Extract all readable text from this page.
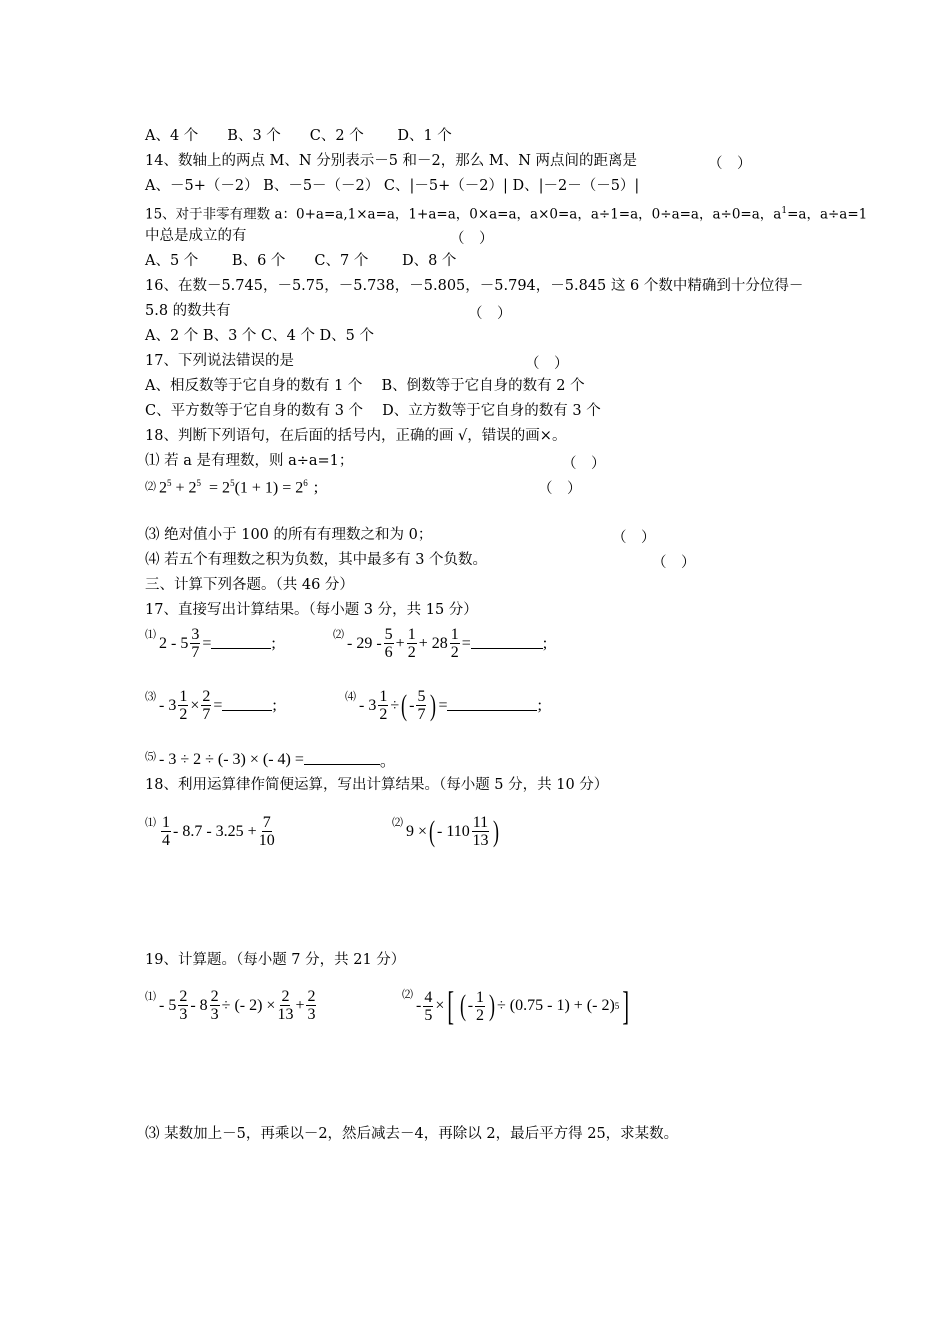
A、4 个　　B、3 个　　C、2 个　　 D、1 个
14、数轴上的两点 M、N 分别表示－5 和－2，那么 M、N 两点间的距离是	（　）
A、－5+（－2） B、－5－（－2） C、|－5+（－2）| D、|－2－（－5）|
15、对于非零有理数 a：0+a=a,1×a=a，1+a=a，0×a=a，a×0=a，a÷1=a，0÷a=a，a÷0=a，$a^1=a$，a÷a=1
中总是成立的有	（　）
A、5 个　　 B、6 个　　C、7 个　　 D、8 个
16、在数－5.745，－5.75，－5.738，－5.805，－5.794，－5.845 这 6 个数中精确到十分位得－
5.8 的数共有	（　）
A、2 个 B、3 个 C、4 个 D、5 个
17、下列说法错误的是	（　）
A、相反数等于它自身的数有 1 个　 B、倒数等于它自身的数有 2 个
C、平方数等于它自身的数有 3 个　 D、立方数等于它自身的数有 3 个
18、判断下列语句，在后面的括号内，正确的画 √，错误的画×。
⑴ 若 a 是有理数，则 a÷a=1；	（　）
⑵ $2^5 + 2^5 = 2^5(1 + 1) = 2^6$ ;	（　）
⑶ 绝对值小于 100 的所有有理数之和为 0；	（　）
⑷ 若五个有理数之积为负数，其中最多有 3 个负数。	（　）
三、计算下列各题。（共 46 分）
17、直接写出计算结果。（每小题 3 分，共 15 分）
⑴ $2 - 5 \frac{3}{7}$ =	;	⑵ - $29 - \frac{5}{6} + \frac{1}{2} + 28 \frac{1}{2}$ =	;
⑶ - $3 \frac{1}{2} \times \frac{2}{7}$ =	;	⑷ - $3 \frac{1}{2}$ ÷ ( - $\frac{5}{7}$ ) =	;
⑸ - 3 ÷ 2 ÷ (- 3) × (- 4) =	。
18、利用运算律作简便运算，写出计算结果。（每小题 5 分，共 10 分）
⑴ $\frac{1}{4} - 8.7 - 3.25 + \frac{7}{10}$	⑵ 9 × ( - $110 \frac{11}{13}$ )
19、计算题。（每小题 7 分，共 21 分）
⑴ - $5 \frac{2}{3} - 8 \frac{2}{3}$ ÷ (- $2) \times \frac{2}{13} + \frac{2}{3}$	⑵
- $\frac{4}{5}$ × [ ( - $\frac{1}{2}$ ) ÷ (0.75 - 1) + (- 2) 5 ]
⑶ 某数加上－5，再乘以－2，然后减去－4，再除以 2，最后平方得 25，求某数。
